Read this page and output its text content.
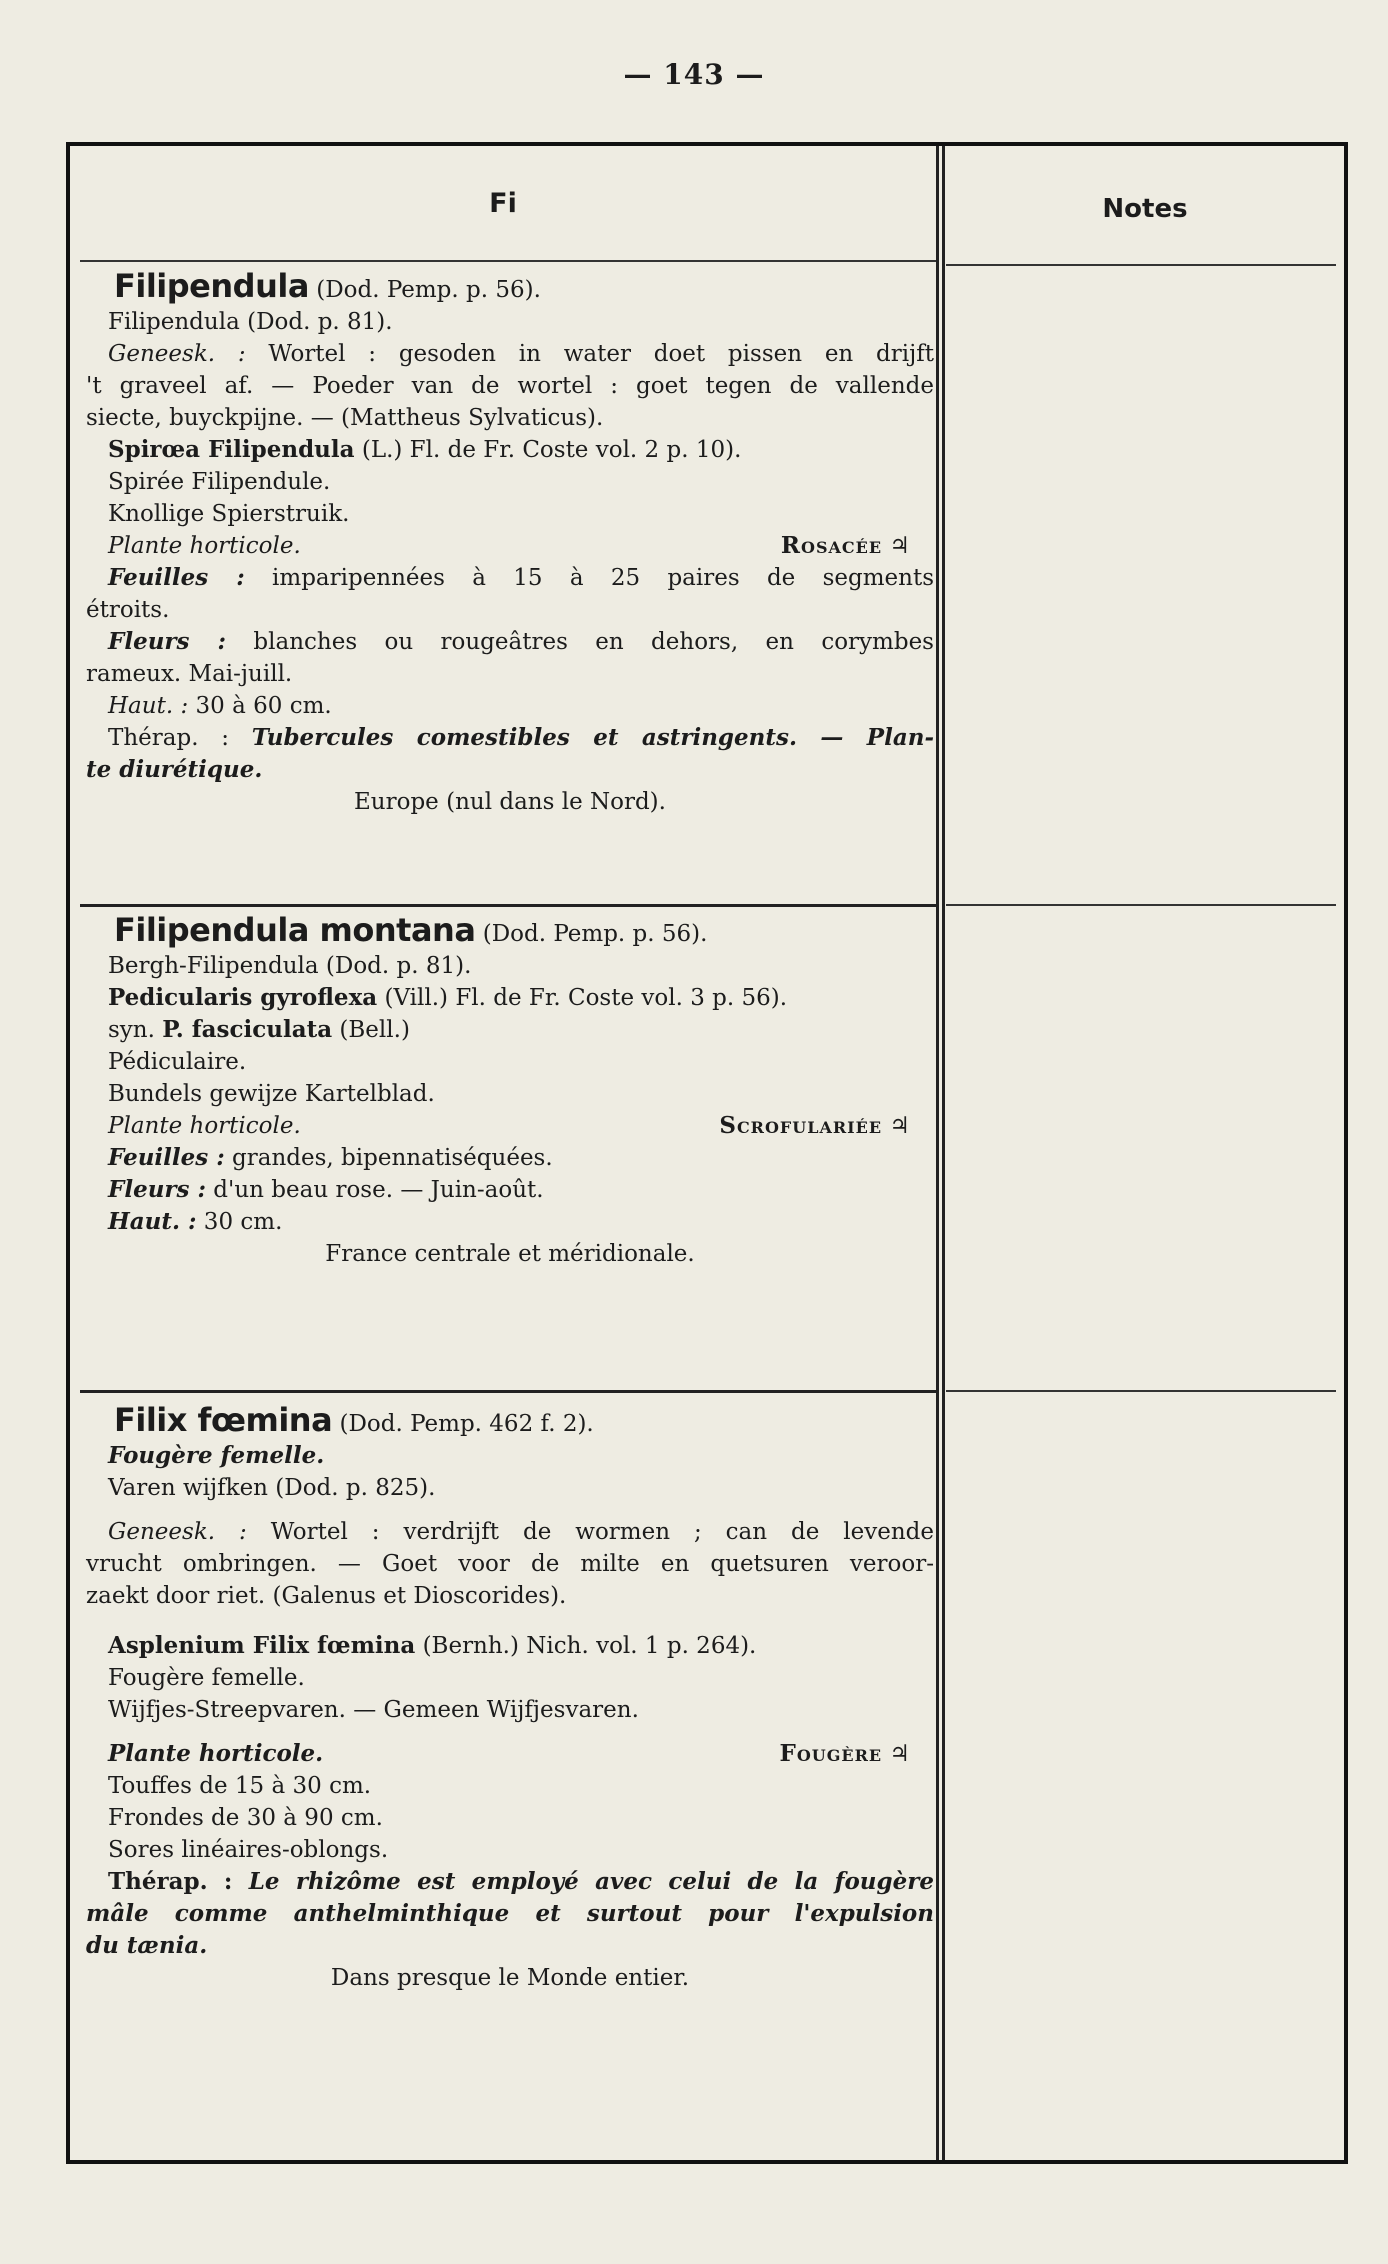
— 143 —
Fi	Notes

Filipendula (Dod. Pemp. p. 56).

Filipendula (Dod. p. 81).

Geneesk. : Wortel : gesoden in water doet pissen en drijft

't graveel af. — Poeder van de wortel : goet tegen de vallende

siecte, buyckpijne. — (Mattheus Sylvaticus).

Spirœa Filipendula (L.) Fl. de Fr. Coste vol. 2 p. 10).

Spirée Filipendule.

Knollige Spierstruik.

Plante horticole.	Rosacée ♃

Feuilles : imparipennées à 15 à 25 paires de segments

étroits.

Fleurs : blanches ou rougeâtres en dehors, en corymbes

rameux. Mai-juill.

Haut. : 30 à 60 cm.

Thérap. : Tubercules comestibles et astringents. — Plan-

te diurétique.

Europe (nul dans le Nord).

Filipendula montana (Dod. Pemp. p. 56).

Bergh-Filipendula (Dod. p. 81).

Pedicularis gyroflexa (Vill.) Fl. de Fr. Coste vol. 3 p. 56).

syn. P. fasciculata (Bell.)

Pédiculaire.

Bundels gewijze Kartelblad.

Plante horticole.	Scrofulariée ♃

Feuilles : grandes, bipennatiséquées.

Fleurs : d'un beau rose. — Juin-août.

Haut. : 30 cm.

France centrale et méridionale.

Filix fœmina (Dod. Pemp. 462 f. 2).

Fougère femelle.

Varen wijfken (Dod. p. 825).

Geneesk. : Wortel : verdrijft de wormen ; can de levende

vrucht ombringen. — Goet voor de milte en quetsuren veroor-

zaekt door riet. (Galenus et Dioscorides).

Asplenium Filix fœmina (Bernh.) Nich. vol. 1 p. 264).

Fougère femelle.

Wijfjes-Streepvaren. — Gemeen Wijfjesvaren.

Plante horticole.	Fougère ♃

Touffes de 15 à 30 cm.

Frondes de 30 à 90 cm.

Sores linéaires-oblongs.

Thérap. : Le rhizôme est employé avec celui de la fougère

mâle comme anthelminthique et surtout pour l'expulsion

du tænia.

Dans presque le Monde entier.
